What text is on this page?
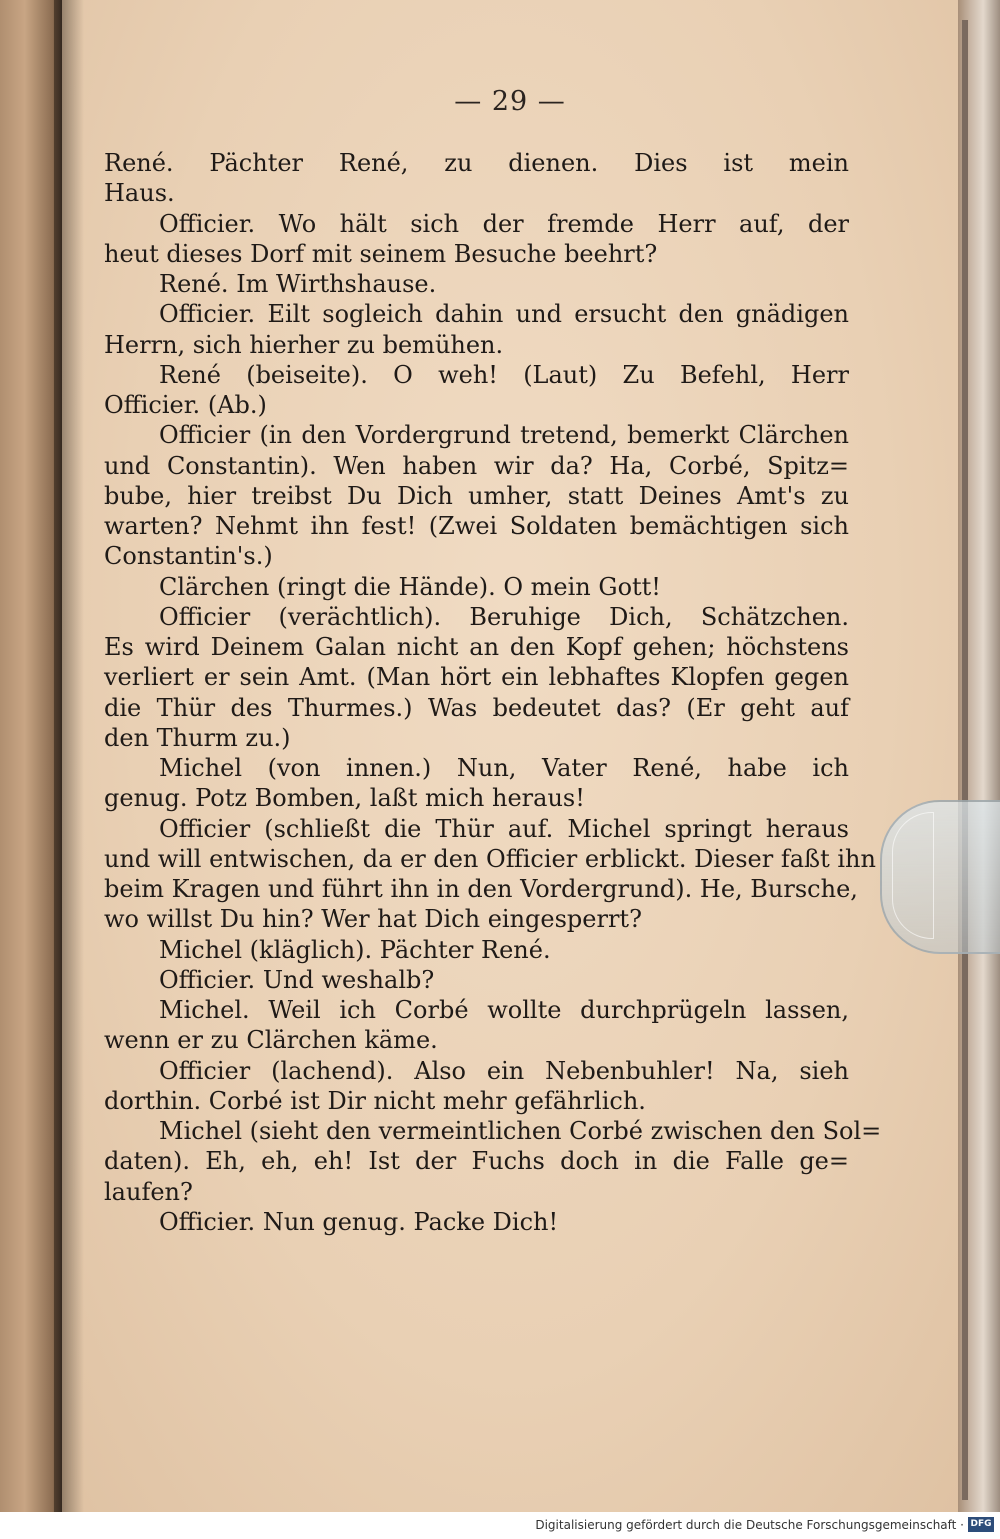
— 29 —
René. Pächter René, zu dienen. Dies ist mein
Haus.
Officier. Wo hält sich der fremde Herr auf, der
heut dieses Dorf mit seinem Besuche beehrt?
René. Im Wirthshause.
Officier. Eilt sogleich dahin und ersucht den gnädigen
Herrn, sich hierher zu bemühen.
René (beiseite). O weh! (Laut) Zu Befehl, Herr
Officier. (Ab.)
Officier (in den Vordergrund tretend, bemerkt Clärchen
und Constantin). Wen haben wir da? Ha, Corbé, Spitz=
bube, hier treibst Du Dich umher, statt Deines Amt's zu
warten? Nehmt ihn fest! (Zwei Soldaten bemächtigen sich
Constantin's.)
Clärchen (ringt die Hände). O mein Gott!
Officier (verächtlich). Beruhige Dich, Schätzchen.
Es wird Deinem Galan nicht an den Kopf gehen; höchstens
verliert er sein Amt. (Man hört ein lebhaftes Klopfen gegen
die Thür des Thurmes.) Was bedeutet das? (Er geht auf
den Thurm zu.)
Michel (von innen.) Nun, Vater René, habe ich
genug. Potz Bomben, laßt mich heraus!
Officier (schließt die Thür auf. Michel springt heraus
und will entwischen, da er den Officier erblickt. Dieser faßt ihn
beim Kragen und führt ihn in den Vordergrund). He, Bursche,
wo willst Du hin? Wer hat Dich eingesperrt?
Michel (kläglich). Pächter René.
Officier. Und weshalb?
Michel. Weil ich Corbé wollte durchprügeln lassen,
wenn er zu Clärchen käme.
Officier (lachend). Also ein Nebenbuhler! Na, sieh
dorthin. Corbé ist Dir nicht mehr gefährlich.
Michel (sieht den vermeintlichen Corbé zwischen den Sol=
daten). Eh, eh, eh! Ist der Fuchs doch in die Falle ge=
laufen?
Officier. Nun genug. Packe Dich!
Digitalisierung gefördert durch die Deutsche Forschungsgemeinschaft · DFG
